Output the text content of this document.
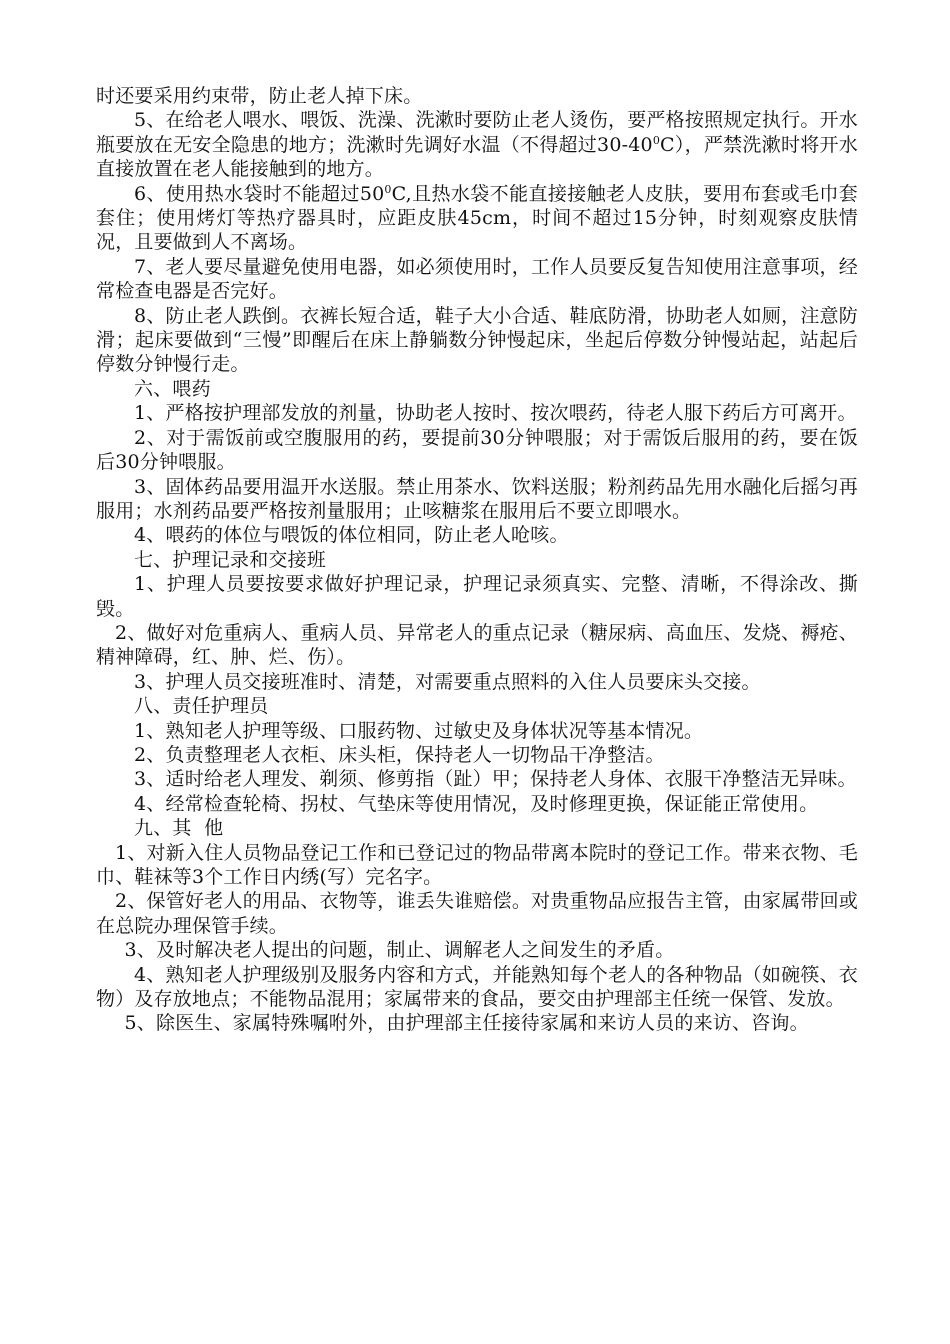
时还要采用约束带，防止老人掉下床。

5、在给老人喂水、喂饭、洗澡、洗漱时要防止老人烫伤，要严格按照规定执行。开水瓶要放在无安全隐患的地方；洗漱时先调好水温（不得超过$30-40^0C$），严禁洗漱时将开水直接放置在老人能接触到的地方。

6、使用热水袋时不能超过$50^0C$,且热水袋不能直接接触老人皮肤，要用布套或毛巾套套住；使用烤灯等热疗器具时，应距皮肤45cm，时间不超过15分钟，时刻观察皮肤情况，且要做到人不离场。

7、老人要尽量避免使用电器，如必须使用时，工作人员要反复告知使用注意事项，经常检查电器是否完好。

8、防止老人跌倒。衣裤长短合适，鞋子大小合适、鞋底防滑，协助老人如厕，注意防滑；起床要做到“三慢”即醒后在床上静躺数分钟慢起床，坐起后停数分钟慢站起，站起后停数分钟慢行走。

六、喂药

1、严格按护理部发放的剂量，协助老人按时、按次喂药，待老人服下药后方可离开。

2、对于需饭前或空腹服用的药，要提前30分钟喂服；对于需饭后服用的药，要在饭后30分钟喂服。

3、固体药品要用温开水送服。禁止用茶水、饮料送服；粉剂药品先用水融化后摇匀再服用；水剂药品要严格按剂量服用；止咳糖浆在服用后不要立即喂水。

4、喂药的体位与喂饭的体位相同，防止老人呛咳。

七、护理记录和交接班

1、护理人员要按要求做好护理记录，护理记录须真实、完整、清晰，不得涂改、撕毁。

2、做好对危重病人、重病人员、异常老人的重点记录（糖尿病、高血压、发烧、褥疮、精神障碍，红、肿、烂、伤）。

3、护理人员交接班准时、清楚，对需要重点照料的入住人员要床头交接。

八、责任护理员

1、熟知老人护理等级、口服药物、过敏史及身体状况等基本情况。

2、负责整理老人衣柜、床头柜，保持老人一切物品干净整洁。

3、适时给老人理发、剃须、修剪指（趾）甲；保持老人身体、衣服干净整洁无异味。

4、经常检查轮椅、拐杖、气垫床等使用情况，及时修理更换，保证能正常使用。

九、其  他

1、对新入住人员物品登记工作和已登记过的物品带离本院时的登记工作。带来衣物、毛巾、鞋袜等3个工作日内绣(写）完名字。

2、保管好老人的用品、衣物等，谁丢失谁赔偿。对贵重物品应报告主管，由家属带回或在总院办理保管手续。

3、及时解决老人提出的问题，制止、调解老人之间发生的矛盾。

4、熟知老人护理级别及服务内容和方式，并能熟知每个老人的各种物品（如碗筷、衣物）及存放地点；不能物品混用；家属带来的食品，要交由护理部主任统一保管、发放。

5、除医生、家属特殊嘱咐外，由护理部主任接待家属和来访人员的来访、咨询。
